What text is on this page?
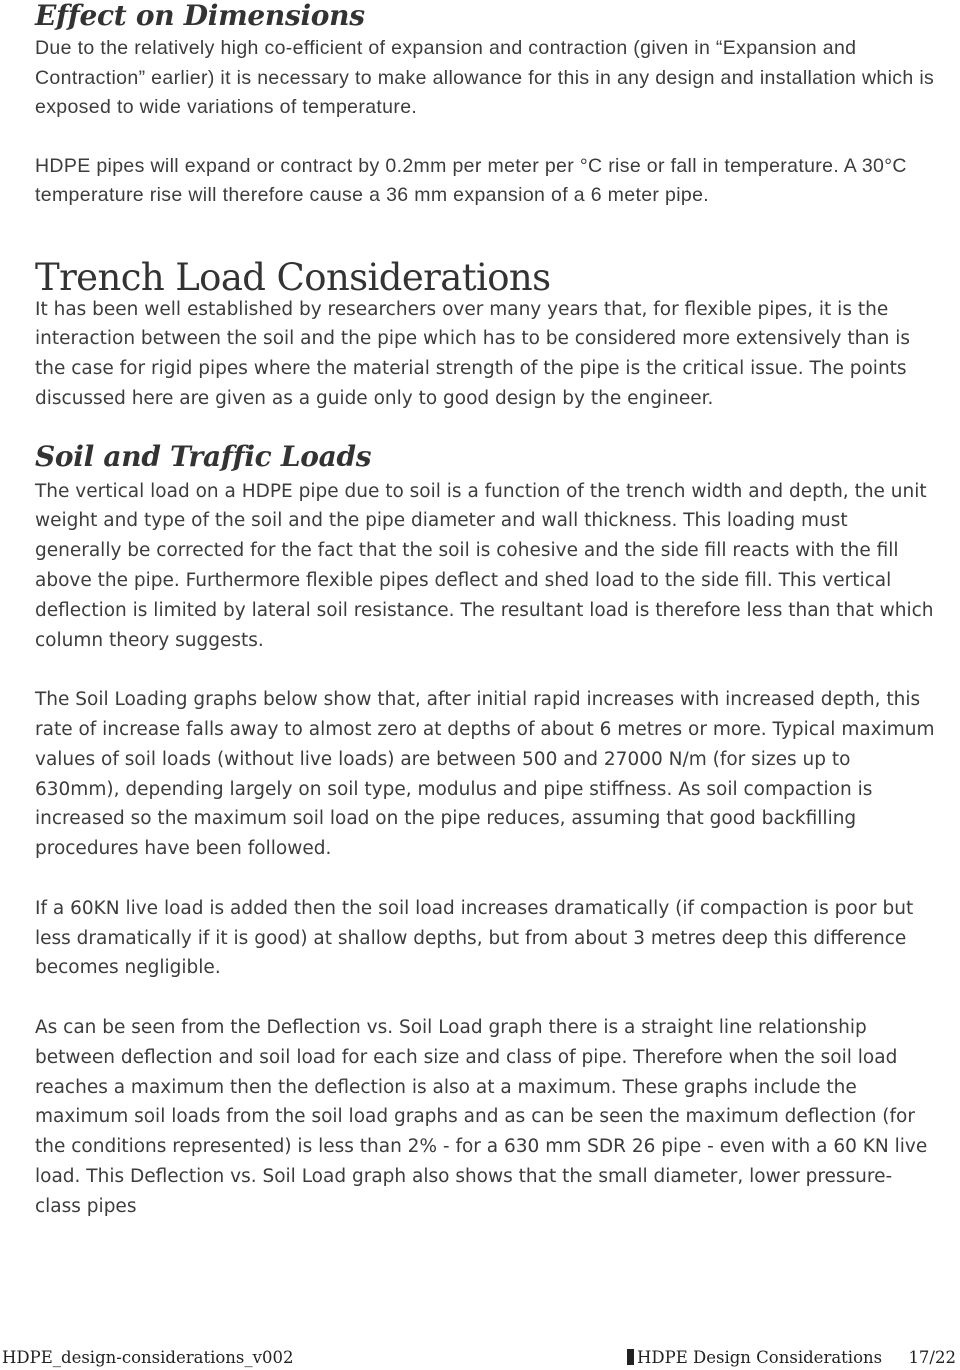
Effect on Dimensions

Due to the relatively high co-efficient of expansion and contraction (given in “Expansion and Contraction” earlier) it is necessary to make allowance for this in any design and installation which is exposed to wide variations of temperature.

HDPE pipes will expand or contract by 0.2mm per meter per °C rise or fall in temperature. A 30°C temperature rise will therefore cause a 36 mm expansion of a 6 meter pipe.

Trench Load Considerations

It has been well established by researchers over many years that, for flexible pipes, it is the interaction between the soil and the pipe which has to be considered more extensively than is the case for rigid pipes where the material strength of the pipe is the critical issue. The points discussed here are given as a guide only to good design by the engineer.

Soil and Traffic Loads

The vertical load on a HDPE pipe due to soil is a function of the trench width and depth, the unit weight and type of the soil and the pipe diameter and wall thickness. This loading must generally be corrected for the fact that the soil is cohesive and the side fill reacts with the fill above the pipe. Furthermore flexible pipes deflect and shed load to the side fill. This vertical deflection is limited by lateral soil resistance. The resultant load is therefore less than that which column theory suggests.

The Soil Loading graphs below show that, after initial rapid increases with increased depth, this rate of increase falls away to almost zero at depths of about 6 metres or more. Typical maximum values of soil loads (without live loads) are between 500 and 27000 N/m (for sizes up to 630mm), depending largely on soil type, modulus and pipe stiffness. As soil compaction is increased so the maximum soil load on the pipe reduces, assuming that good backfilling procedures have been followed.

If a 60KN live load is added then the soil load increases dramatically (if compaction is poor but less dramatically if it is good) at shallow depths, but from about 3 metres deep this difference becomes negligible.

As can be seen from the Deflection vs. Soil Load graph there is a straight line relationship between deflection and soil load for each size and class of pipe. Therefore when the soil load reaches a maximum then the deflection is also at a maximum. These graphs include the maximum soil loads from the soil load graphs and as can be seen the maximum deflection (for the conditions represented) is less than 2% - for a 630 mm SDR 26 pipe - even with a 60 KN live load. This Deflection vs. Soil Load graph also shows that the small diameter, lower pressure-class pipes

HDPE_design-considerations_v002	HDPE Design Considerations 17/22
